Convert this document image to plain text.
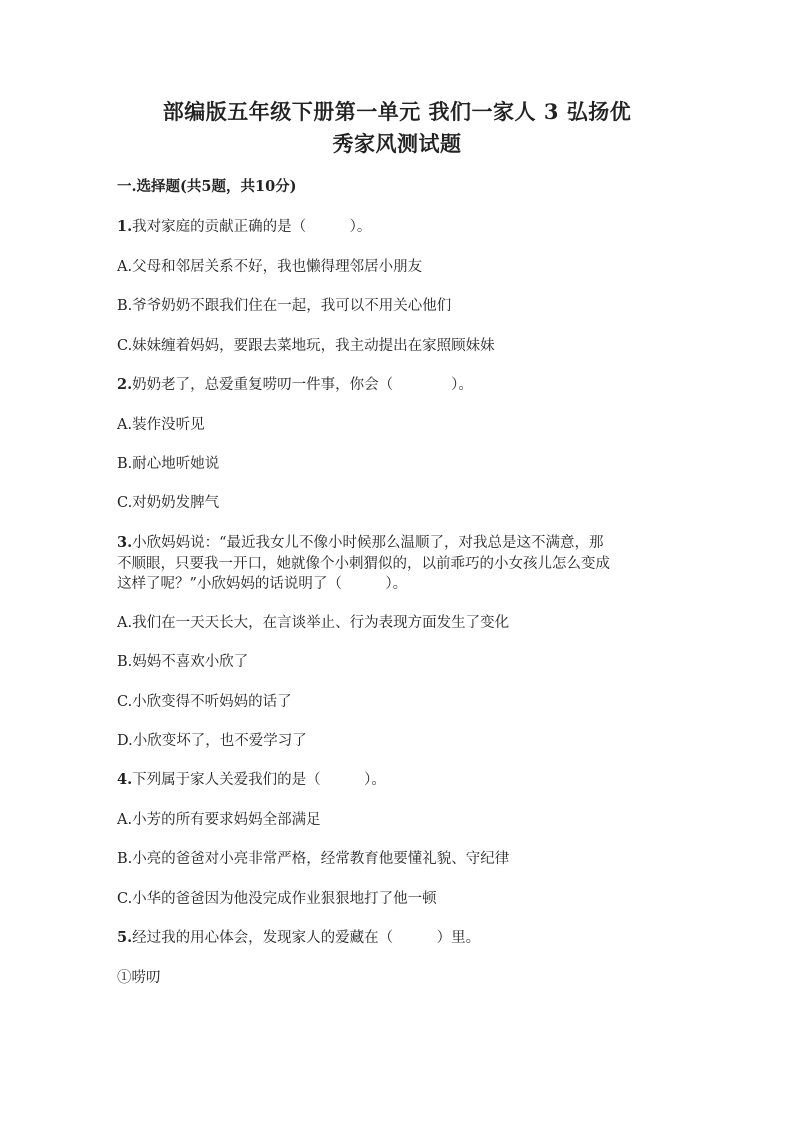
部编版五年级下册第一单元 我们一家人 3 弘扬优
秀家风测试题
一.选择题(共5题，共10分)
1.我对家庭的贡献正确的是（　　　）。
A.父母和邻居关系不好，我也懒得理邻居小朋友
B.爷爷奶奶不跟我们住在一起，我可以不用关心他们
C.妹妹缠着妈妈，要跟去菜地玩，我主动提出在家照顾妹妹
2.奶奶老了，总爱重复唠叨一件事，你会（　　　　）。
A.装作没听见
B.耐心地听她说
C.对奶奶发脾气
3.小欣妈妈说：“最近我女儿不像小时候那么温顺了，对我总是这不满意，那
不顺眼，只要我一开口，她就像个小刺猬似的，以前乖巧的小女孩儿怎么变成
这样了呢？”小欣妈妈的话说明了（　　　）。
A.我们在一天天长大，在言谈举止、行为表现方面发生了变化
B.妈妈不喜欢小欣了
C.小欣变得不听妈妈的话了
D.小欣变坏了，也不爱学习了
4.下列属于家人关爱我们的是（　　　）。
A.小芳的所有要求妈妈全部满足
B.小亮的爸爸对小亮非常严格，经常教育他要懂礼貌、守纪律
C.小华的爸爸因为他没完成作业狠狠地打了他一顿
5.经过我的用心体会，发现家人的爱藏在（　　　）里。
①唠叨
